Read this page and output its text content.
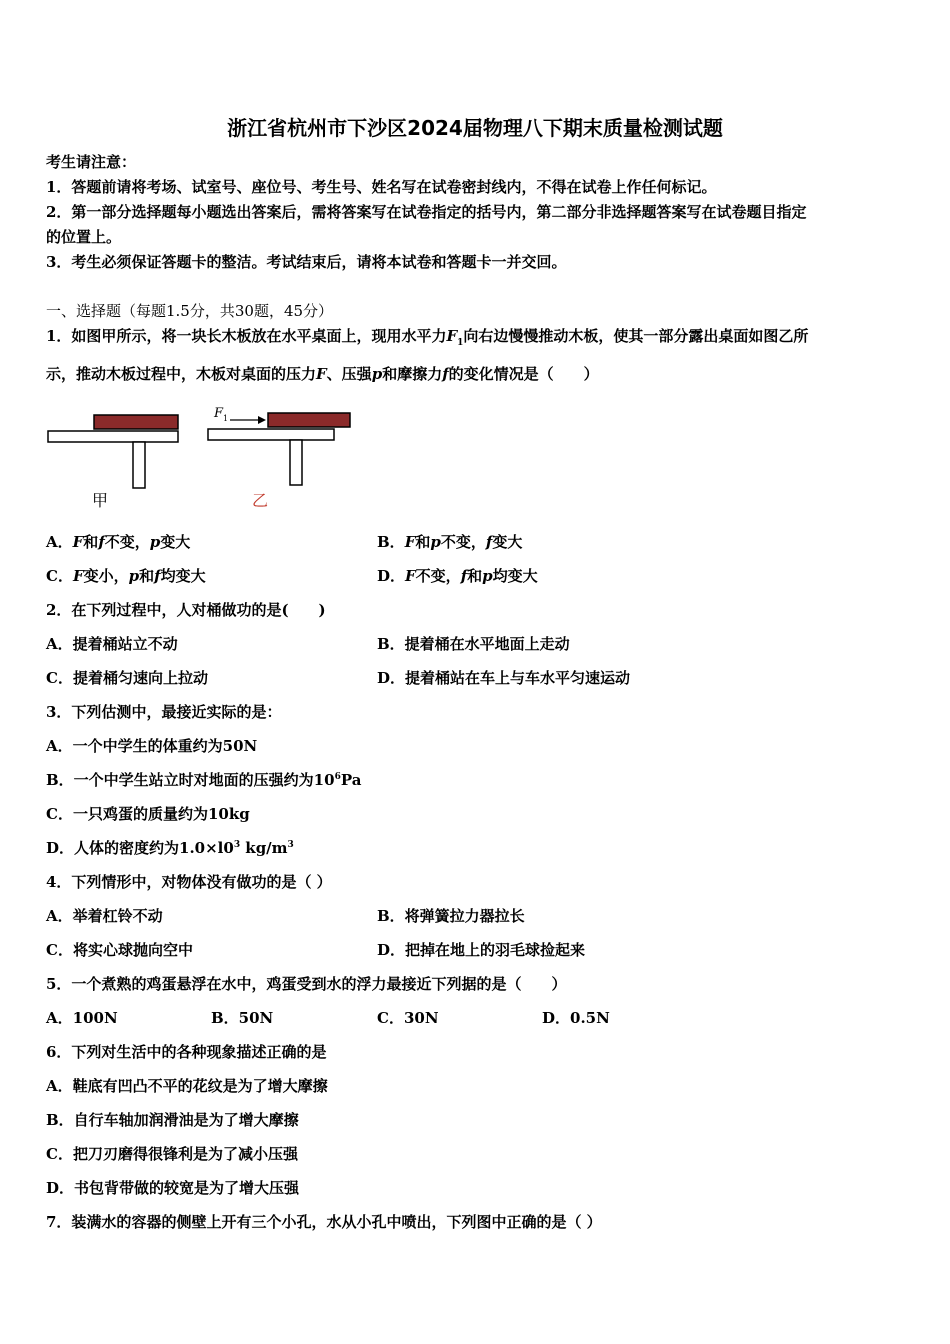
浙江省杭州市下沙区2024届物理八下期末质量检测试题
考生请注意：
1．答题前请将考场、试室号、座位号、考生号、姓名写在试卷密封线内，不得在试卷上作任何标记。
2．第一部分选择题每小题选出答案后，需将答案写在试卷指定的括号内，第二部分非选择题答案写在试卷题目指定
的位置上。
3．考生必须保证答题卡的整洁。考试结束后，请将本试卷和答题卡一并交回。
一、选择题（每题1.5分，共30题，45分）
1．如图甲所示，将一块长木板放在水平桌面上，现用水平力$F_1$向右边慢慢推动木板，使其一部分露出桌面如图乙所
示，推动木板过程中，木板对桌面的压力F、压强p和摩擦力f的变化情况是（　　）
F 1
甲	乙
A．F和f不变，p变大	B．F和p不变，f变大
C．F变小，p和f均变大	D．F不变，f和p均变大
2．在下列过程中，人对桶做功的是(　　)
A．提着桶站立不动	B．提着桶在水平地面上走动
C．提着桶匀速向上拉动	D．提着桶站在车上与车水平匀速运动
3．下列估测中，最接近实际的是：
A．一个中学生的体重约为50N
B．一个中学生站立时对地面的压强约为$10^6Pa$
C．一只鸡蛋的质量约为10kg
D．人体的密度约为$1.0\times l0^3$ $kg/m^3$
4．下列情形中，对物体没有做功的是（ ）
A．举着杠铃不动	B．将弹簧拉力器拉长
C．将实心球抛向空中	D．把掉在地上的羽毛球捡起来
5．一个煮熟的鸡蛋悬浮在水中，鸡蛋受到水的浮力最接近下列据的是（　　）
A．100N	B．50N	C．30N	D．0.5N
6．下列对生活中的各种现象描述正确的是
A．鞋底有凹凸不平的花纹是为了增大摩擦
B．自行车轴加润滑油是为了增大摩擦
C．把刀刃磨得很锋利是为了减小压强
D．书包背带做的较宽是为了增大压强
7．装满水的容器的侧壁上开有三个小孔，水从小孔中喷出，下列图中正确的是（ ）
